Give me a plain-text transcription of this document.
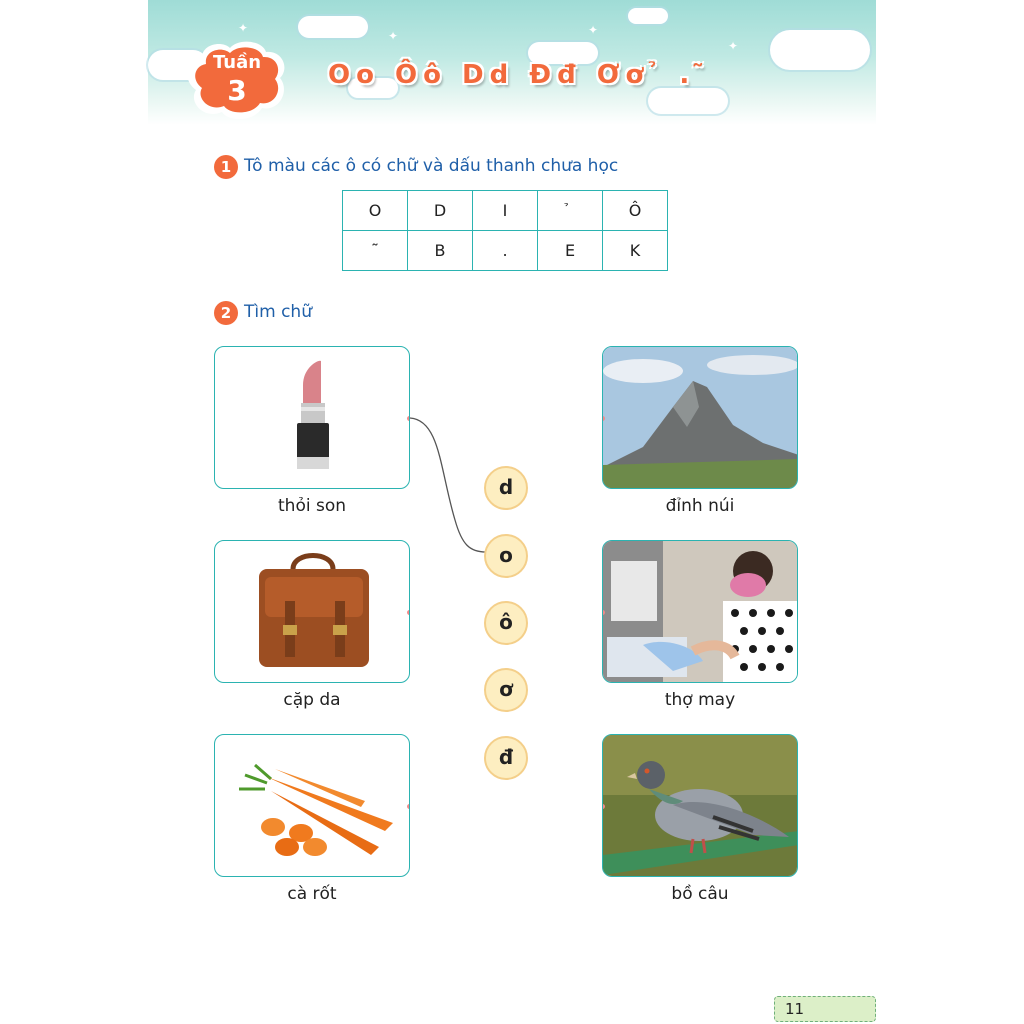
✦
✦
✦
✦
Tuần
3	Oo Ôô Dd Đđ Ơơ ̉ . ̃
1 Tô màu các ô có chữ và dấu thanh chưa học
O	D	I		Ô
˜	B	.	E	K
2 Tìm chữ
thỏi son
cặp da
cà rốt
d
o
ô
ơ
đ
đỉnh núi
thợ may
bồ câu
11
